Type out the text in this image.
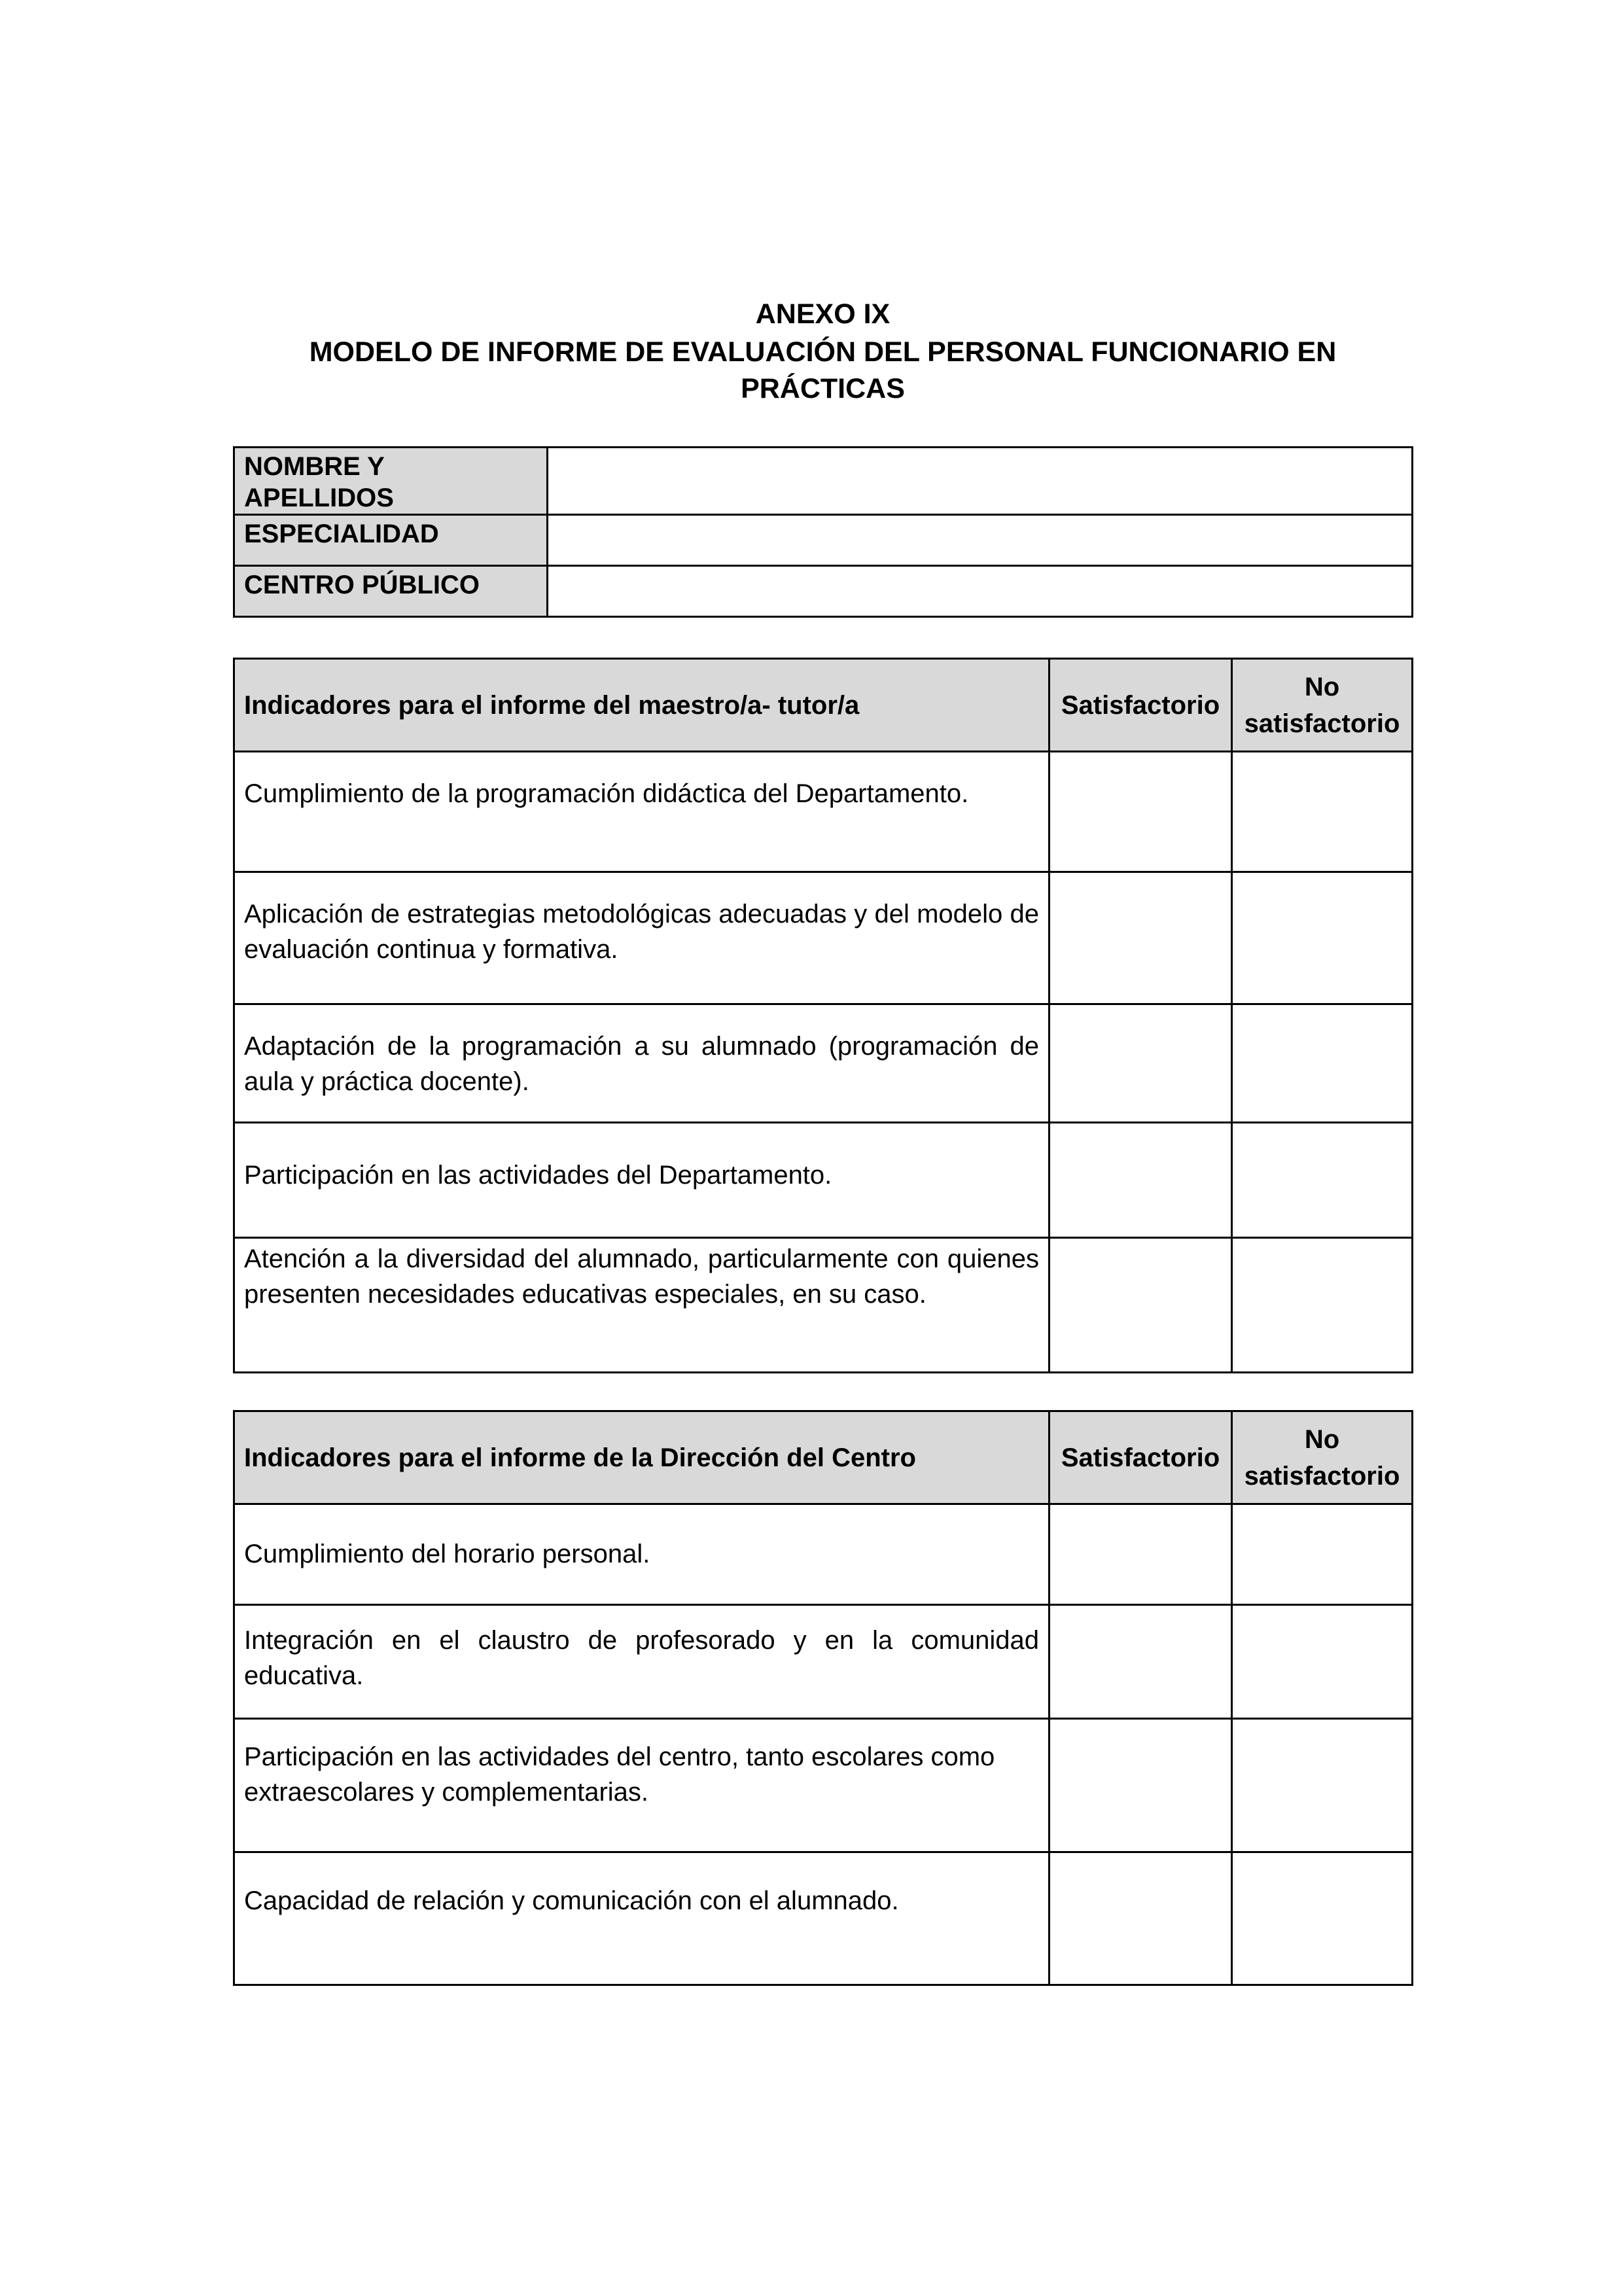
ANEXO IX
MODELO DE INFORME DE EVALUACIÓN DEL PERSONAL FUNCIONARIO EN PRÁCTICAS
NOMBRE Y APELLIDOS	
ESPECIALIDAD	
CENTRO PÚBLICO	
Indicadores para el informe del maestro/a- tutor/a	Satisfactorio	No satisfactorio
Cumplimiento de la programación didáctica del Departamento.		
Aplicación de estrategias metodológicas adecuadas y del modelo de evaluación continua y formativa.		
Adaptación de la programación a su alumnado (programación de aula y práctica docente).		
Participación en las actividades del Departamento.		
Atención a la diversidad del alumnado, particularmente con quienes presenten necesidades educativas especiales, en su caso.		
Indicadores para el informe de la Dirección del Centro	Satisfactorio	No satisfactorio
Cumplimiento del horario personal.		
Integración en el claustro de profesorado y en la comunidad educativa.		
Participación en las actividades del centro, tanto escolares como extraescolares y complementarias.		
Capacidad de relación y comunicación con el alumnado.		
